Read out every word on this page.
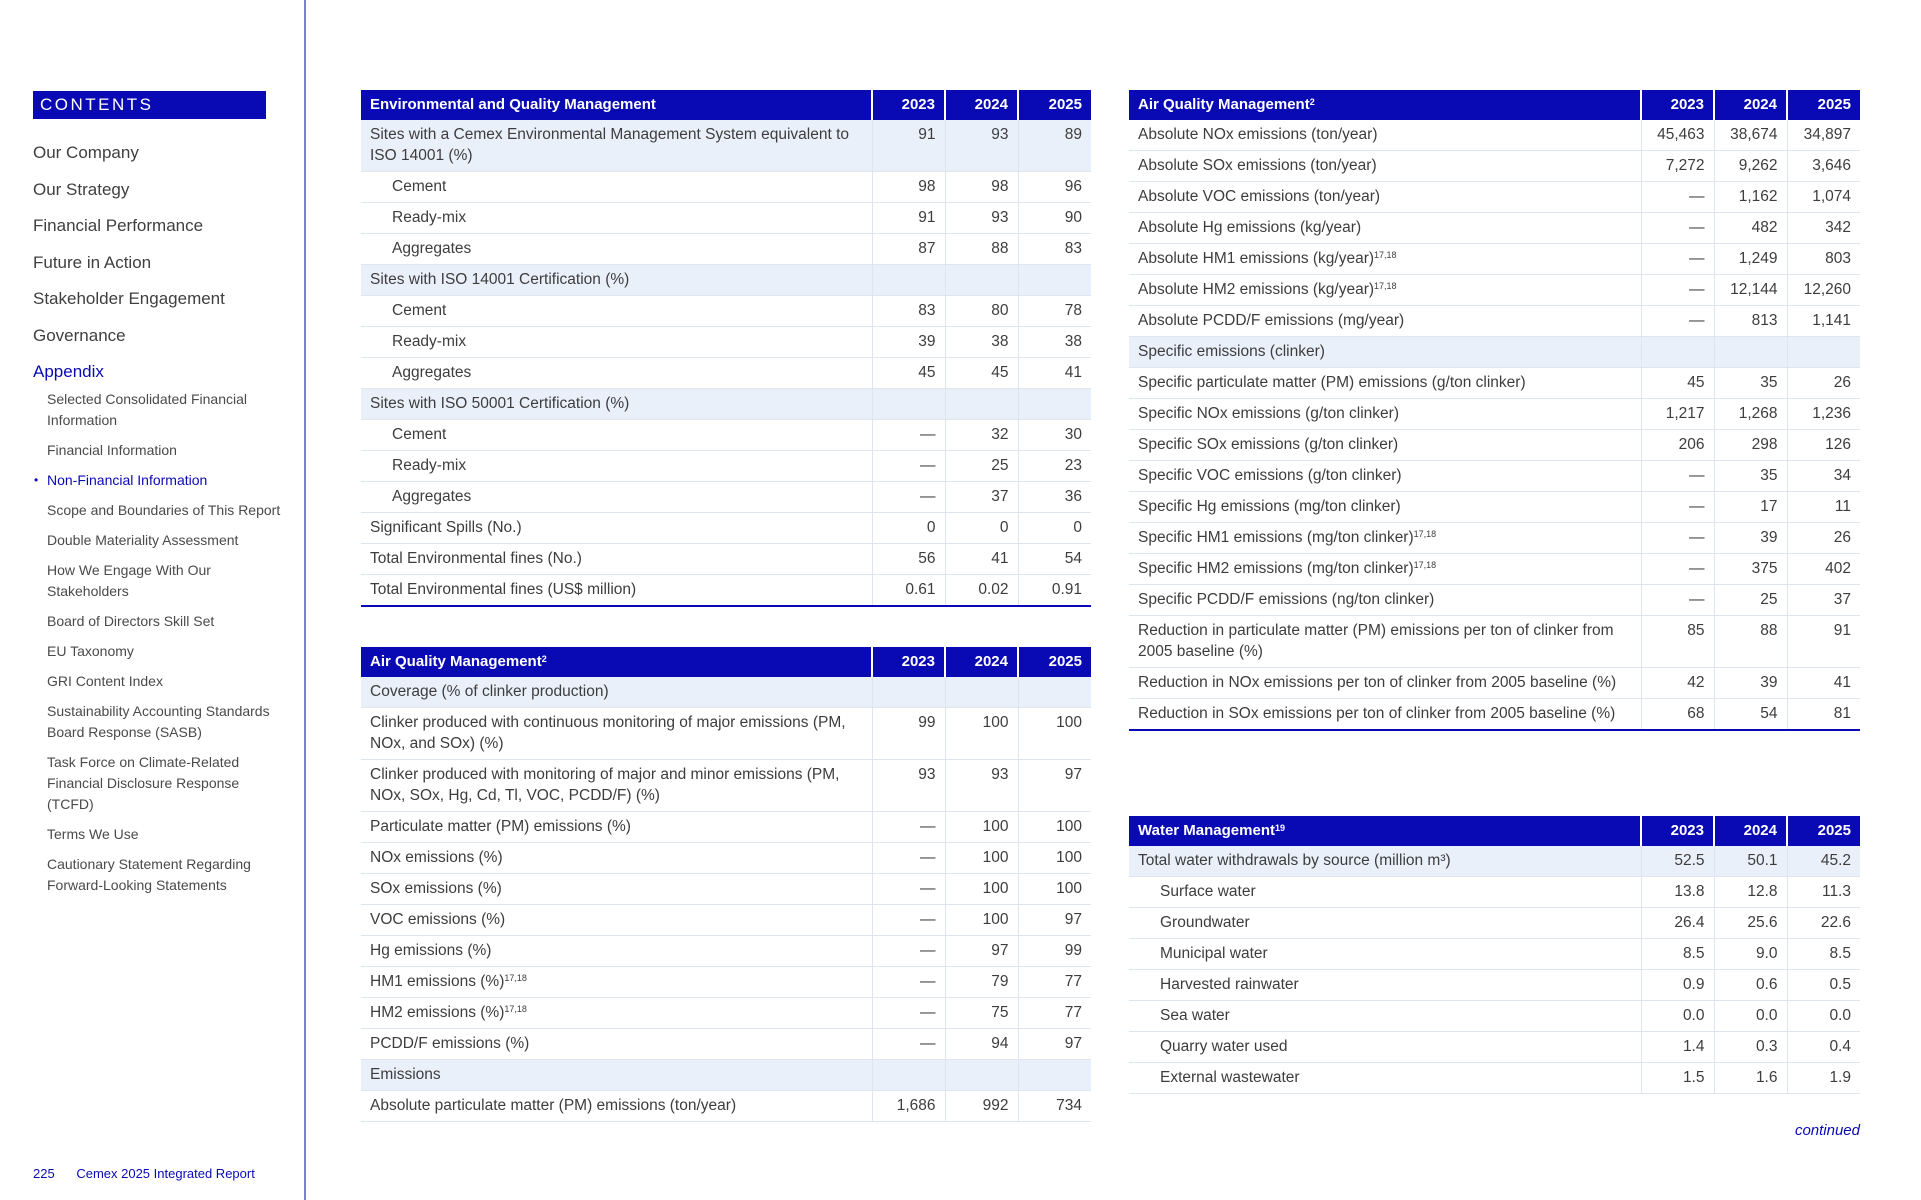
CONTENTS
Our Company
Our Strategy
Financial Performance
Future in Action
Stakeholder Engagement
Governance
Appendix
Selected Consolidated Financial Information
Financial Information
• Non-Financial Information
Scope and Boundaries of This Report
Double Materiality Assessment
How We Engage With Our Stakeholders
Board of Directors Skill Set
EU Taxonomy
GRI Content Index
Sustainability Accounting Standards Board Response (SASB)
Task Force on Climate-Related Financial Disclosure Response (TCFD)
Terms We Use
Cautionary Statement Regarding Forward-Looking Statements
225 Cemex 2025 Integrated Report
Environmental and Quality Management	2023	2024	2025
Sites with a Cemex Environmental Management System equivalent to ISO 14001 (%)	91	93	89
Cement	98	98	96
Ready-mix	91	93	90
Aggregates	87	88	83
Sites with ISO 14001 Certification (%)			
Cement	83	80	78
Ready-mix	39	38	38
Aggregates	45	45	41
Sites with ISO 50001 Certification (%)			
Cement	—	32	30
Ready-mix	—	25	23
Aggregates	—	37	36
Significant Spills (No.)	0	0	0
Total Environmental fines (No.)	56	41	54
Total Environmental fines (US$ million)	0.61	0.02	0.91
Air Quality Management$^2$	2023	2024	2025
Coverage (% of clinker production)			
Clinker produced with continuous monitoring of major emissions (PM, NOx, and SOx) (%)	99	100	100
Clinker produced with monitoring of major and minor emissions (PM, NOx, SOx, Hg, Cd, Tl, VOC, PCDD/F) (%)	93	93	97
Particulate matter (PM) emissions (%)	—	100	100
NOx emissions (%)	—	100	100
SOx emissions (%)	—	100	100
VOC emissions (%)	—	100	97
Hg emissions (%)	—	97	99
HM1 emissions (%)$^{17,18}$	—	79	77
HM2 emissions (%)$^{17,18}$	—	75	77
PCDD/F emissions (%)	—	94	97
Emissions			
Absolute particulate matter (PM) emissions (ton/year)	1,686	992	734
Air Quality Management$^2$	2023	2024	2025
Absolute NOx emissions (ton/year)	45,463	38,674	34,897
Absolute SOx emissions (ton/year)	7,272	9,262	3,646
Absolute VOC emissions (ton/year)	—	1,162	1,074
Absolute Hg emissions (kg/year)	—	482	342
Absolute HM1 emissions (kg/year)$^{17,18}$	—	1,249	803
Absolute HM2 emissions (kg/year)$^{17,18}$	—	12,144	12,260
Absolute PCDD/F emissions (mg/year)	—	813	1,141
Specific emissions (clinker)			
Specific particulate matter (PM) emissions (g/ton clinker)	45	35	26
Specific NOx emissions (g/ton clinker)	1,217	1,268	1,236
Specific SOx emissions (g/ton clinker)	206	298	126
Specific VOC emissions (g/ton clinker)	—	35	34
Specific Hg emissions (mg/ton clinker)	—	17	11
Specific HM1 emissions (mg/ton clinker)$^{17,18}$	—	39	26
Specific HM2 emissions (mg/ton clinker)$^{17,18}$	—	375	402
Specific PCDD/F emissions (ng/ton clinker)	—	25	37
Reduction in particulate matter (PM) emissions per ton of clinker from 2005 baseline (%)	85	88	91
Reduction in NOx emissions per ton of clinker from 2005 baseline (%)	42	39	41
Reduction in SOx emissions per ton of clinker from 2005 baseline (%)	68	54	81
Water Management$^{19}$	2023	2024	2025
Total water withdrawals by source (million m³)	52.5	50.1	45.2
Surface water	13.8	12.8	11.3
Groundwater	26.4	25.6	22.6
Municipal water	8.5	9.0	8.5
Harvested rainwater	0.9	0.6	0.5
Sea water	0.0	0.0	0.0
Quarry water used	1.4	0.3	0.4
External wastewater	1.5	1.6	1.9
continued
